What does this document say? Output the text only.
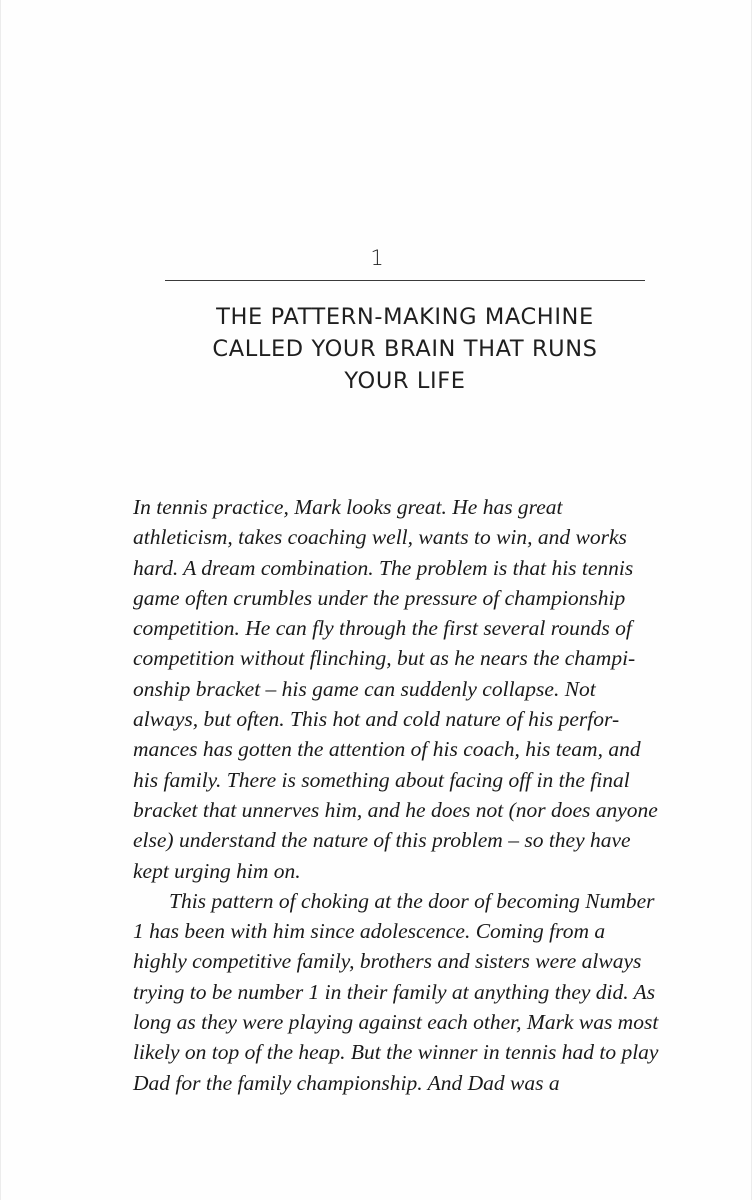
1
THE PATTERN-MAKING MACHINE
CALLED YOUR BRAIN THAT RUNS
YOUR LIFE
In tennis practice, Mark looks great. He has great
athleticism, takes coaching well, wants to win, and works
hard. A dream combination. The problem is that his tennis
game often crumbles under the pressure of championship
competition. He can fly through the first several rounds of
competition without flinching, but as he nears the champi-
onship bracket – his game can suddenly collapse. Not
always, but often. This hot and cold nature of his perfor-
mances has gotten the attention of his coach, his team, and
his family. There is something about facing off in the final
bracket that unnerves him, and he does not (nor does anyone
else) understand the nature of this problem – so they have
kept urging him on.
This pattern of choking at the door of becoming Number
1 has been with him since adolescence. Coming from a
highly competitive family, brothers and sisters were always
trying to be number 1 in their family at anything they did. As
long as they were playing against each other, Mark was most
likely on top of the heap. But the winner in tennis had to play
Dad for the family championship. And Dad was a
